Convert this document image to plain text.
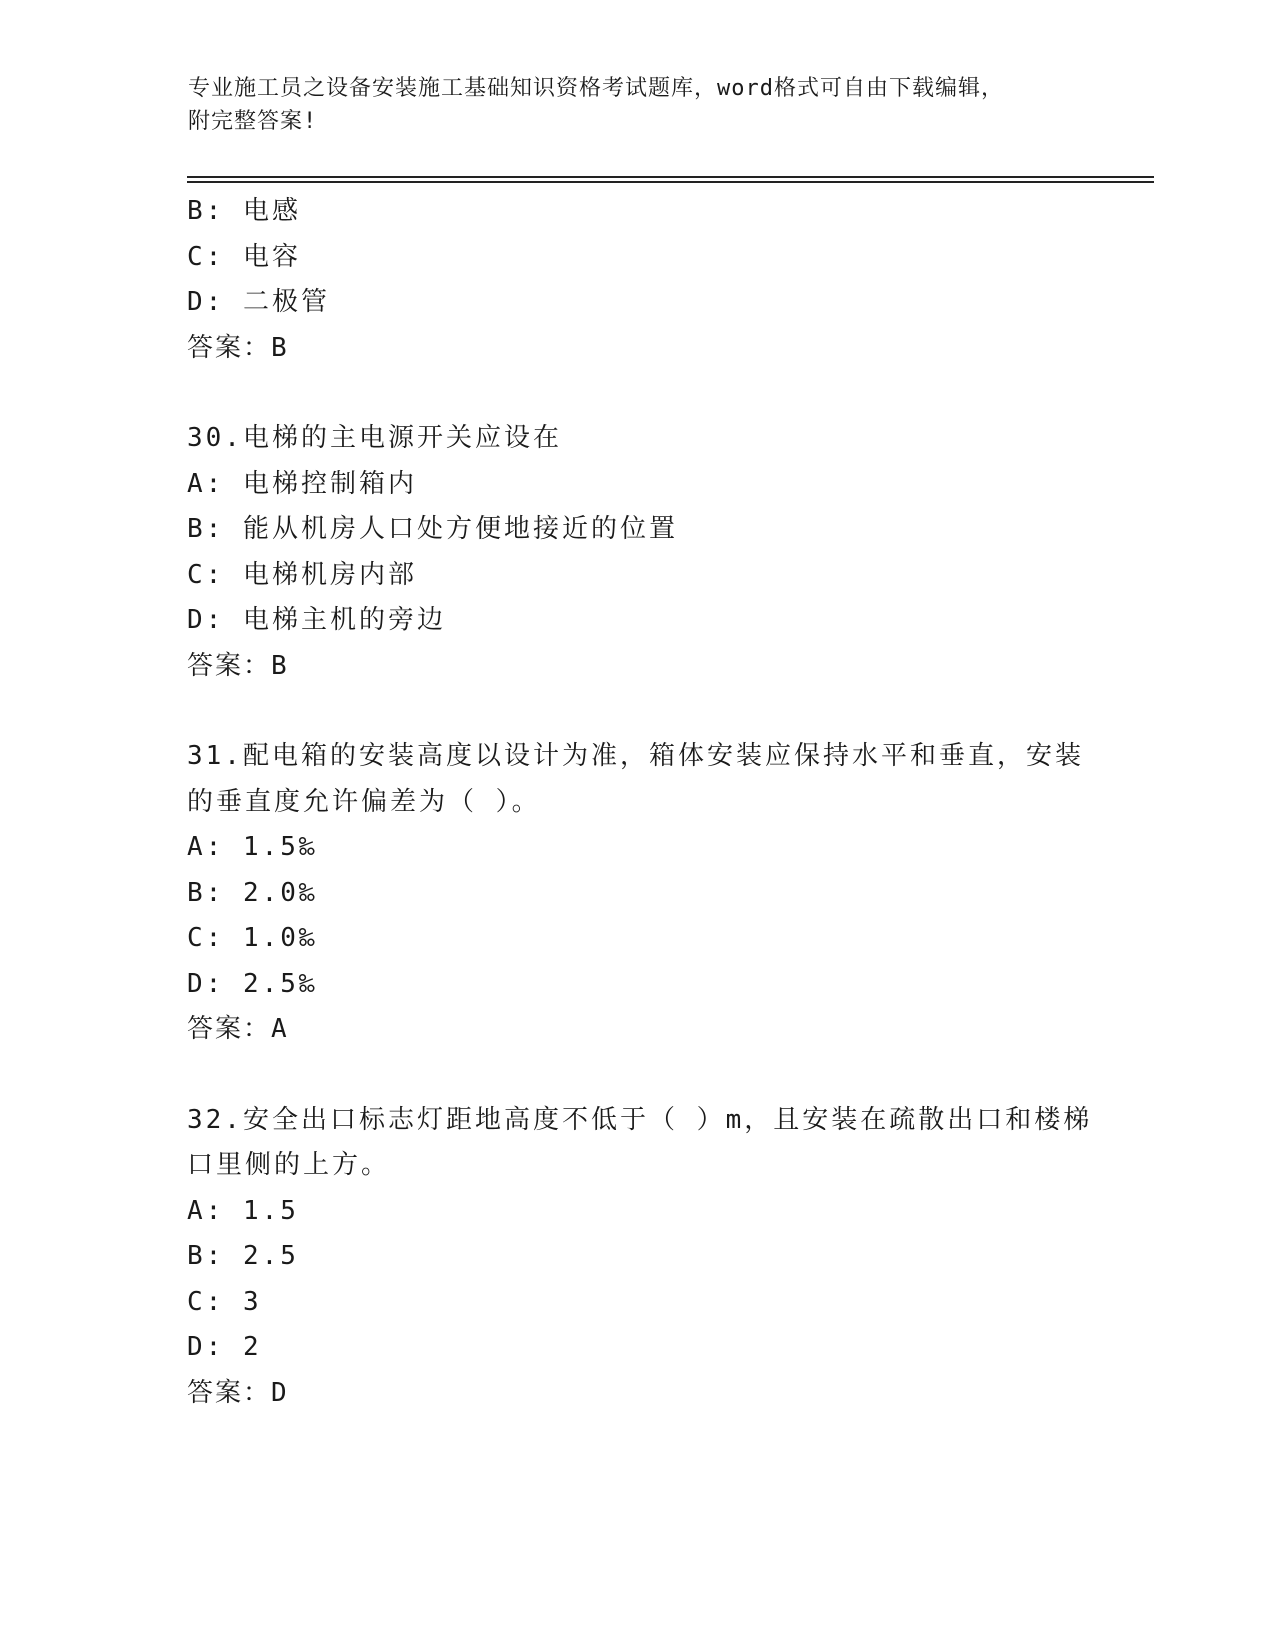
专业施工员之设备安装施工基础知识资格考试题库，word格式可自由下载编辑，
附完整答案!
B: 电感
C: 电容
D: 二极管
答案：B
30.电梯的主电源开关应设在
A: 电梯控制箱内
B: 能从机房人口处方便地接近的位置
C: 电梯机房内部
D: 电梯主机的旁边
答案：B
31.配电箱的安装高度以设计为准，箱体安装应保持水平和垂直，安装
的垂直度允许偏差为（ ）。
A: 1.5‰
B: 2.0‰
C: 1.0‰
D: 2.5‰
答案：A
32.安全出口标志灯距地高度不低于（ ）m，且安装在疏散出口和楼梯
口里侧的上方。
A: 1.5
B: 2.5
C: 3
D: 2
答案：D
